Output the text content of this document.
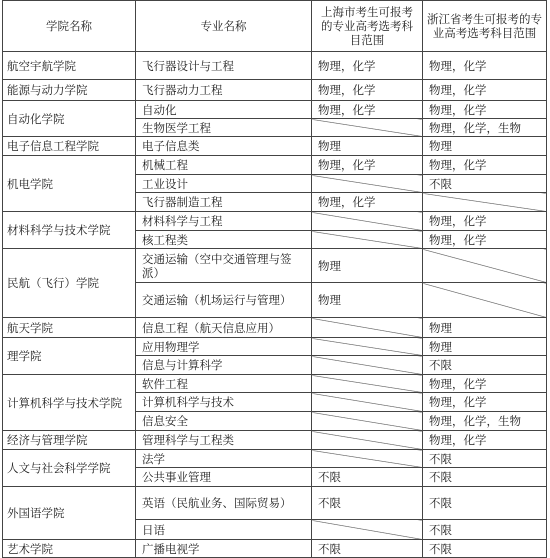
学院名称	专业名称	上海市考生可报考的专业高考选考科目范围	浙江省考生可报考的专业高考选考科目范围
航空宇航学院	飞行器设计与工程	物理，化学	物理，化学
能源与动力学院	飞行器动力工程	物理，化学	物理，化学
自动化学院	自动化	物理，化学	物理，化学
	生物医学工程		物理，化学，生物
电子信息工程学院	电子信息类	物理	物理
机电学院	机械工程	物理，化学	物理，化学
	工业设计		不限
	飞行器制造工程	物理，化学	
材料科学与技术学院	材料科学与工程		物理，化学
	核工程类		物理，化学
民航（飞行）学院	交通运输（空中交通管理与签派）	物理	
	交通运输（机场运行与管理）	物理	
航天学院	信息工程（航天信息应用）		物理
理学院	应用物理学		物理
	信息与计算科学		不限
计算机科学与技术学院	软件工程		物理，化学
	计算机科学与技术		物理，化学
	信息安全		物理，化学，生物
经济与管理学院	管理科学与工程类		物理，化学
人文与社会科学学院	法学		不限
	公共事业管理	不限	不限
外国语学院	英语（民航业务、国际贸易）	不限	不限
	日语		不限
艺术学院	广播电视学	不限	不限
